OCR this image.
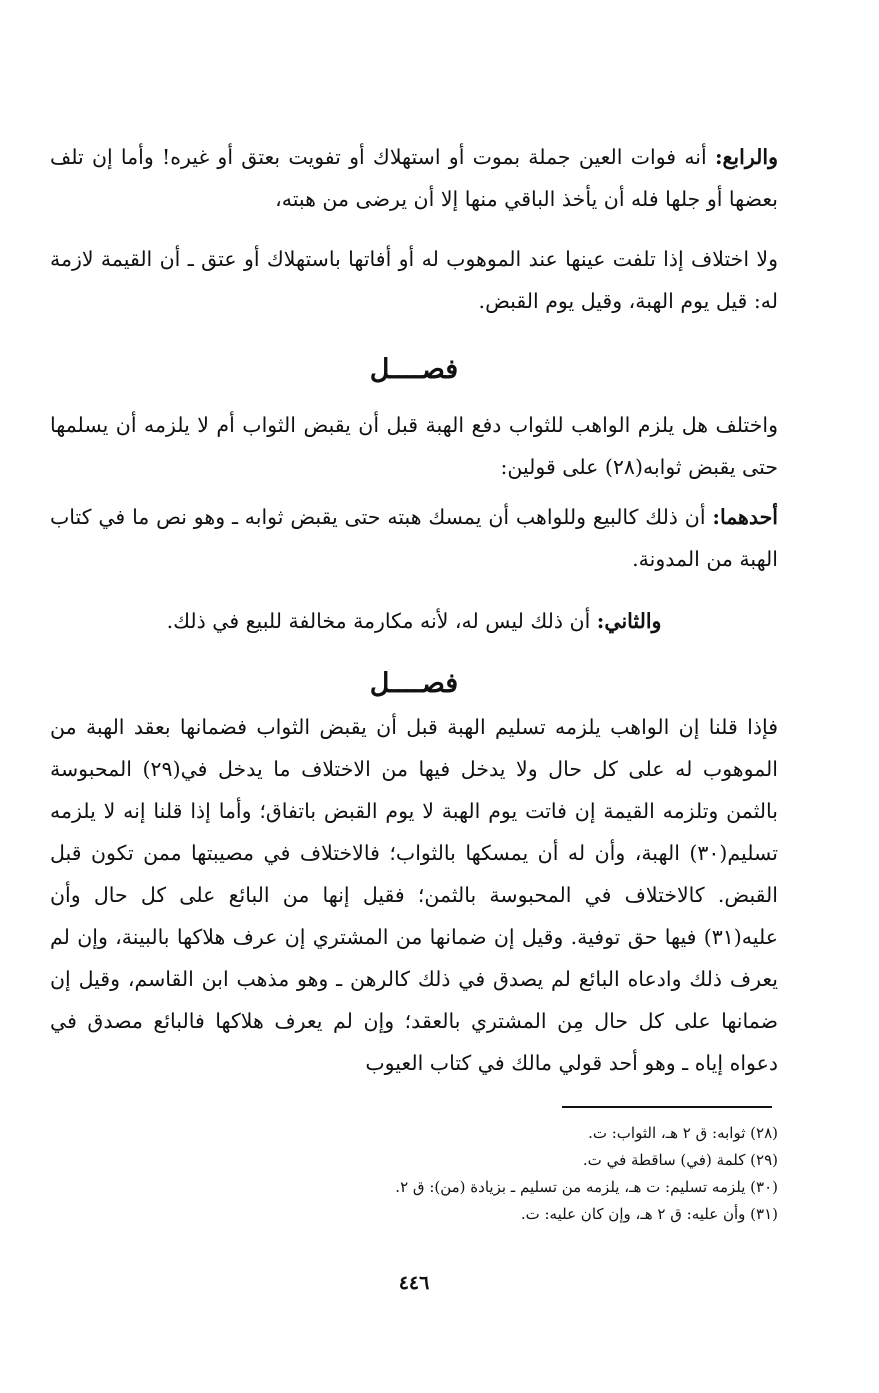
والرابع: أنه فوات العين جملة بموت أو استهلاك أو تفويت بعتق أو غيره! وأما إن تلف بعضها أو جلها فله أن يأخذ الباقي منها إلا أن يرضى من هبته،

ولا اختلاف إذا تلفت عينها عند الموهوب له أو أفاتها باستهلاك أو عتق ـ أن القيمة لازمة له: قيل يوم الهبة، وقيل يوم القبض.

فصــــل

واختلف هل يلزم الواهب للثواب دفع الهبة قبل أن يقبض الثواب أم لا يلزمه أن يسلمها حتى يقبض ثوابه(٢٨) على قولين:

أحدهما: أن ذلك كالبيع وللواهب أن يمسك هبته حتى يقبض ثوابه ـ وهو نص ما في كتاب الهبة من المدونة.

والثاني: أن ذلك ليس له، لأنه مكارمة مخالفة للبيع في ذلك.

فصــــل

فإذا قلنا إن الواهب يلزمه تسليم الهبة قبل أن يقبض الثواب فضمانها بعقد الهبة من الموهوب له على كل حال ولا يدخل فيها من الاختلاف ما يدخل في(٢٩) المحبوسة بالثمن وتلزمه القيمة إن فاتت يوم الهبة لا يوم القبض باتفاق؛ وأما إذا قلنا إنه لا يلزمه تسليم(٣٠) الهبة، وأن له أن يمسكها بالثواب؛ فالاختلاف في مصيبتها ممن تكون قبل القبض. كالاختلاف في المحبوسة بالثمن؛ فقيل إنها من البائع على كل حال وأن عليه(٣١) فيها حق توفية. وقيل إن ضمانها من المشتري إن عرف هلاكها بالبينة، وإن لم يعرف ذلك وادعاه البائع لم يصدق في ذلك كالرهن ـ وهو مذهب ابن القاسم، وقيل إن ضمانها على كل حال مِن المشتري بالعقد؛ وإن لم يعرف هلاكها فالبائع مصدق في دعواه إياه ـ وهو أحد قولي مالك في كتاب العيوب

(٢٨) ثوابه: ق ٢ هـ، الثواب: ت.
(٢٩) كلمة (في) ساقطة في ت.
(٣٠) يلزمه تسليم: ت هـ، يلزمه من تسليم ـ بزيادة (من): ق ٢.
(٣١) وأن عليه: ق ٢ هـ، وإن كان عليه: ت.
٤٤٦
